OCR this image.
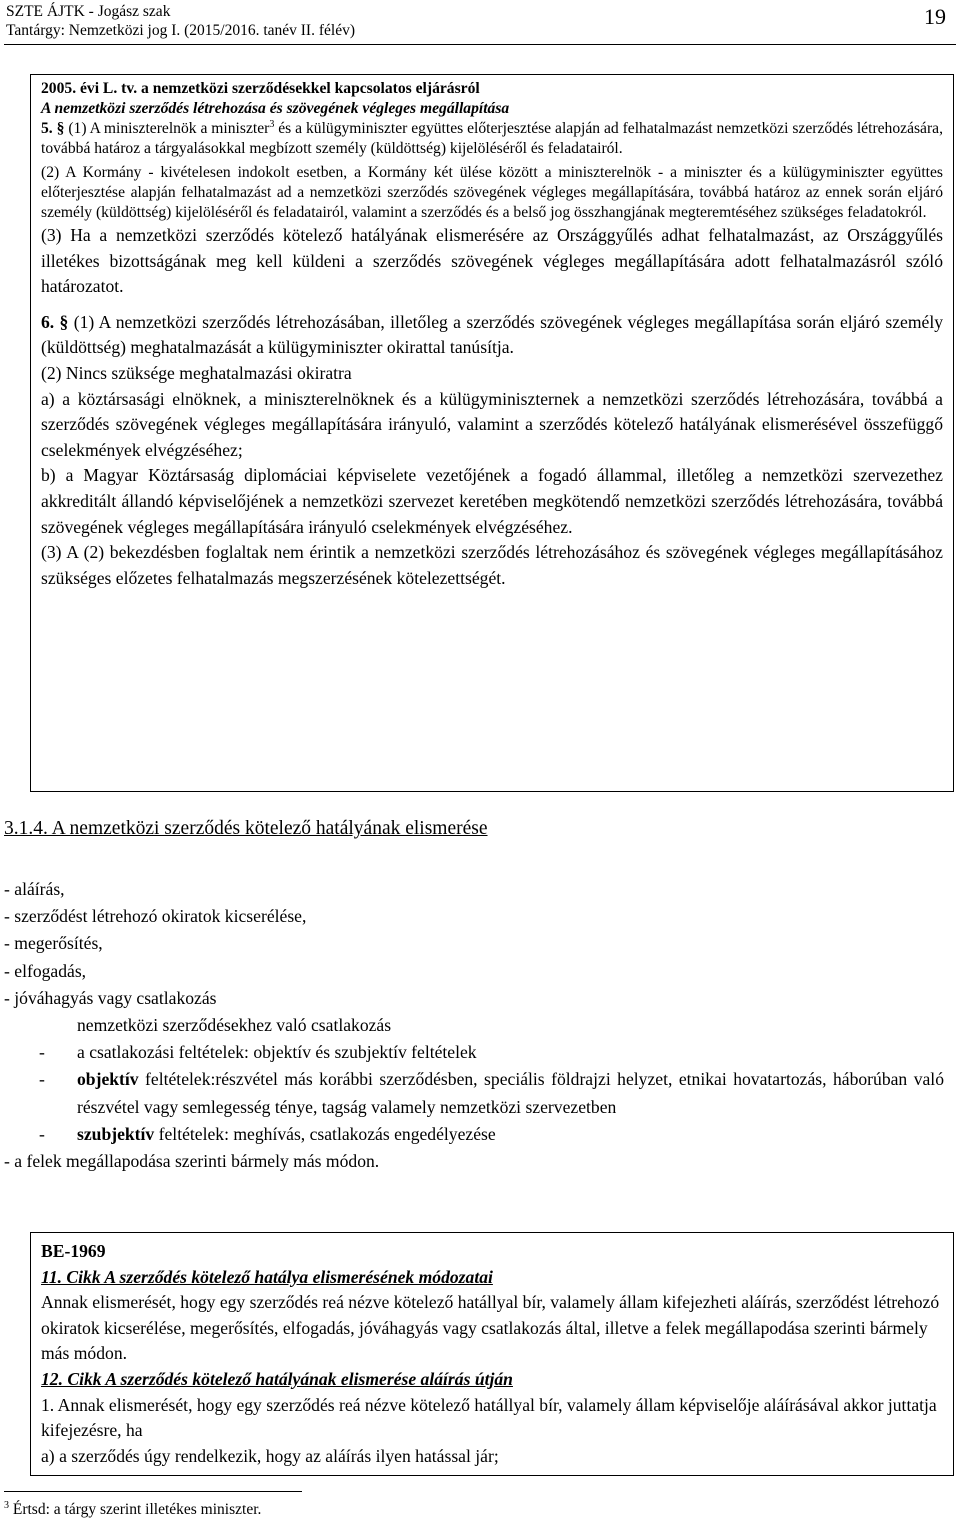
SZTE ÁJTK - Jogász szak
Tantárgy: Nemzetközi jog I. (2015/2016. tanév II. félév)
19

2005. évi L. tv. a nemzetközi szerződésekkel kapcsolatos eljárásról

A nemzetközi szerződés létrehozása és szövegének végleges megállapítása

5. § (1) A miniszterelnök a miniszter$^3$ és a külügyminiszter együttes előterjesztése alapján ad felhatalmazást nemzetközi szerződés létrehozására, továbbá határoz a tárgyalásokkal megbízott személy (küldöttség) kijelöléséről és feladatairól.

(2) A Kormány - kivételesen indokolt esetben, a Kormány két ülése között a miniszterelnök - a miniszter és a külügyminiszter együttes előterjesztése alapján felhatalmazást ad a nemzetközi szerződés szövegének végleges megállapítására, továbbá határoz az ennek során eljáró személy (küldöttség) kijelöléséről és feladatairól, valamint a szerződés és a belső jog összhangjának megteremtéséhez szükséges feladatokról.

(3) Ha a nemzetközi szerződés kötelező hatályának elismerésére az Országgyűlés adhat felhatalmazást, az Országgyűlés illetékes bizottságának meg kell küldeni a szerződés szövegének végleges megállapítására adott felhatalmazásról szóló határozatot.

6. § (1) A nemzetközi szerződés létrehozásában, illetőleg a szerződés szövegének végleges megállapítása során eljáró személy (küldöttség) meghatalmazását a külügyminiszter okirattal tanúsítja.

(2) Nincs szüksége meghatalmazási okiratra

a) a köztársasági elnöknek, a miniszterelnöknek és a külügyminiszternek a nemzetközi szerződés létrehozására, továbbá a szerződés szövegének végleges megállapítására irányuló, valamint a szerződés kötelező hatályának elismerésével összefüggő cselekmények elvégzéséhez;

b) a Magyar Köztársaság diplomáciai képviselete vezetőjének a fogadó állammal, illetőleg a nemzetközi szervezethez akkreditált állandó képviselőjének a nemzetközi szervezet keretében megkötendő nemzetközi szerződés létrehozására, továbbá szövegének végleges megállapítására irányuló cselekmények elvégzéséhez.

(3) A (2) bekezdésben foglaltak nem érintik a nemzetközi szerződés létrehozásához és szövegének végleges megállapításához szükséges előzetes felhatalmazás megszerzésének kötelezettségét.

3.1.4. A nemzetközi szerződés kötelező hatályának elismerése
- aláírás,
- szerződést létrehozó okiratok kicserélése,
- megerősítés,
- elfogadás,
- jóváhagyás vagy csatlakozás
nemzetközi szerződésekhez való csatlakozás
-	a csatlakozási feltételek: objektív és szubjektív feltételek
-	objektív feltételek:részvétel más korábbi szerződésben, speciális földrajzi helyzet, etnikai hovatartozás, háborúban való részvétel vagy semlegesség ténye, tagság valamely nemzetközi szervezetben
-	szubjektív feltételek: meghívás, csatlakozás engedélyezése
- a felek megállapodása szerinti bármely más módon.

BE-1969

11. Cikk A szerződés kötelező hatálya elismerésének módozatai

Annak elismerését, hogy egy szerződés reá nézve kötelező hatállyal bír, valamely állam kifejezheti aláírás, szerződést létrehozó okiratok kicserélése, megerősítés, elfogadás, jóváhagyás vagy csatlakozás által, illetve a felek megállapodása szerinti bármely más módon.

12. Cikk A szerződés kötelező hatályának elismerése aláírás útján

1. Annak elismerését, hogy egy szerződés reá nézve kötelező hatállyal bír, valamely állam képviselője aláírásával akkor juttatja kifejezésre, ha

a) a szerződés úgy rendelkezik, hogy az aláírás ilyen hatással jár;

$^3$ Értsd: a tárgy szerint illetékes miniszter.
